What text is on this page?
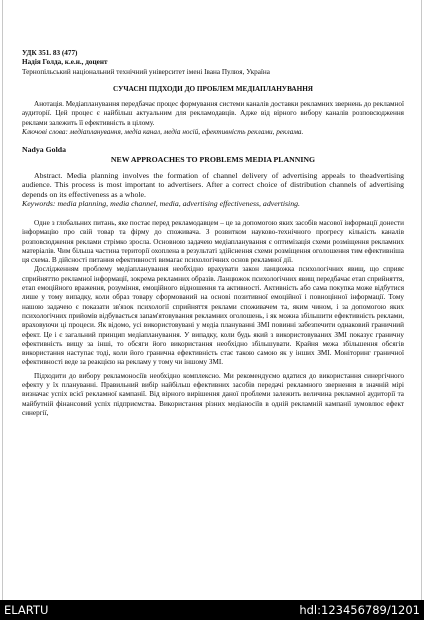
УДК 351. 83 (477)

Надія Голда, к.е.н., доцент

Тернопільський національний технічний університет імені Івана Пулюя, Україна

СУЧАСНІ ПІДХОДИ ДО ПРОБЛЕМ МЕДІАПЛАНУВАННЯ

Анотація. Медіапланування передбачає процес формування системи каналів доставки рекламних звернень до рекламної аудиторії. Цей процес є найбільш актуальним для рекламодавців. Адже від вірного вибору каналів розповсюдження реклами залежить її ефективність в цілому.

Ключові слова: медіапланування, медіа канал, медіа носій, ефективність реклами, реклама.

Nadya Golda

NEW APPROACHES TO PROBLEMS MEDIA PLANNING

Abstract. Media planning involves the formation of channel delivery of advertising appeals to theadvertising audience. This process is most important to advertisers. After a correct choice of distribution channels of advertising depends on its effectiveness as a whole.

Keywords: media planning, media channel, media, advertising effectiveness, advertising.

Одне з глобальних питань, яке постає перед рекламодавцем – це за допомогою яких засобів масової інформації донести інформацію про свій товар та фірму до споживача. З розвитком науково-технічного прогресу кількість каналів розповсюдження реклами стрімко зросла. Основною задачею медіапланування є оптимізація схеми розміщення рекламних матеріалів. Чим більша частина території охоплена в результаті здійснення схеми розміщення оголошення тим ефективніша ця схема. В дійсності питання ефективності вимагає психологічних основ рекламної дії.

Дослідженням проблему медіапланування необхідно врахувати закон ланцюжка психологічних явищ, що сприяє сприйняттю рекламної інформації, зокрема рекламних образів. Ланцюжок психологічних явищ передбачає етап сприйняття, етап емоційного враження, розуміння, емоційного відношення та активності. Активність або сама покупка може відбутися лише у тому випадку, коли образ товару сформований на основі позитивної емоційної і повноцінної інформації. Тому нашою задачею є показати зв'язок психології сприйняття реклами споживачем та, яким чином, і за допомогою яких психологічних прийомів відбувається запам'ятовування рекламних оголошень, і як можна збільшити ефективність реклами, враховуючи ці процеси. Як відомо, усі використовувані у медіа плануванні ЗМІ повинні забезпечити однаковий граничний ефект. Це і є загальний принцип медіапланування. У випадку, коли будь який з використовуваних ЗМІ показує граничну ефективність вищу за інші, то обсяги його використання необхідно збільшувати. Крайня межа збільшення обсягів використання наступає тоді, коли його гранична ефективність стає такою самою як у інших ЗМІ. Моніторинг граничної ефективності веде за реакцією на рекламу у тому чи іншому ЗМІ.

Підходити до вибору рекламоносіїв необхідно комплексно. Ми рекомендуємо вдатися до використання синергічного ефекту у їх плануванні. Правильний вибір найбільш ефективних засобів передачі рекламного звернення в значній мірі визначає успіх всієї рекламної кампанії. Від вірного вирішення даної проблеми залежить величина рекламної аудиторії та майбутній фінансовий успіх підприємства. Використання різних медіаносіїв в одній рекламній кампанії зумовлює ефект синергії,

ELARTU	hdl:123456789/1201
